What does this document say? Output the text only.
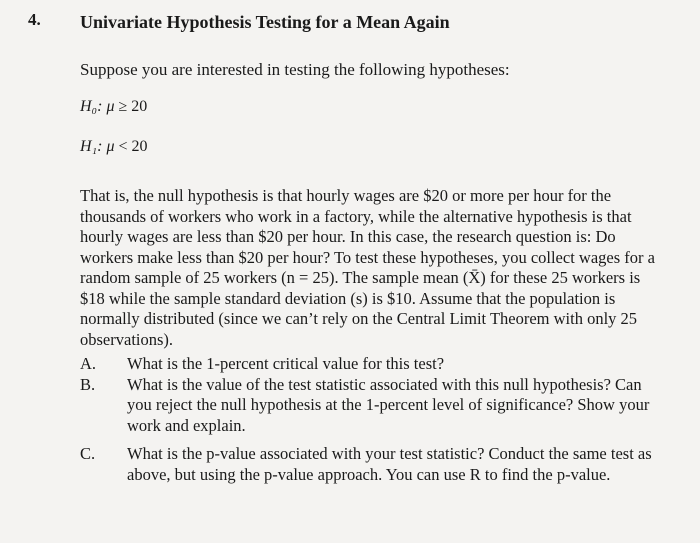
4. Univariate Hypothesis Testing for a Mean Again
Suppose you are interested in testing the following hypotheses:
H₀: μ ≥ 20
H₁: μ < 20
That is, the null hypothesis is that hourly wages are $20 or more per hour for the thousands of workers who work in a factory, while the alternative hypothesis is that hourly wages are less than $20 per hour. In this case, the research question is: Do workers make less than $20 per hour? To test these hypotheses, you collect wages for a random sample of 25 workers (n = 25). The sample mean (X̄) for these 25 workers is $18 while the sample standard deviation (s) is $10. Assume that the population is normally distributed (since we can’t rely on the Central Limit Theorem with only 25 observations).
A.	What is the 1-percent critical value for this test?
B.	What is the value of the test statistic associated with this null hypothesis? Can you reject the null hypothesis at the 1-percent level of significance? Show your work and explain.
C.	What is the p-value associated with your test statistic? Conduct the same test as above, but using the p-value approach. You can use R to find the p-value.
